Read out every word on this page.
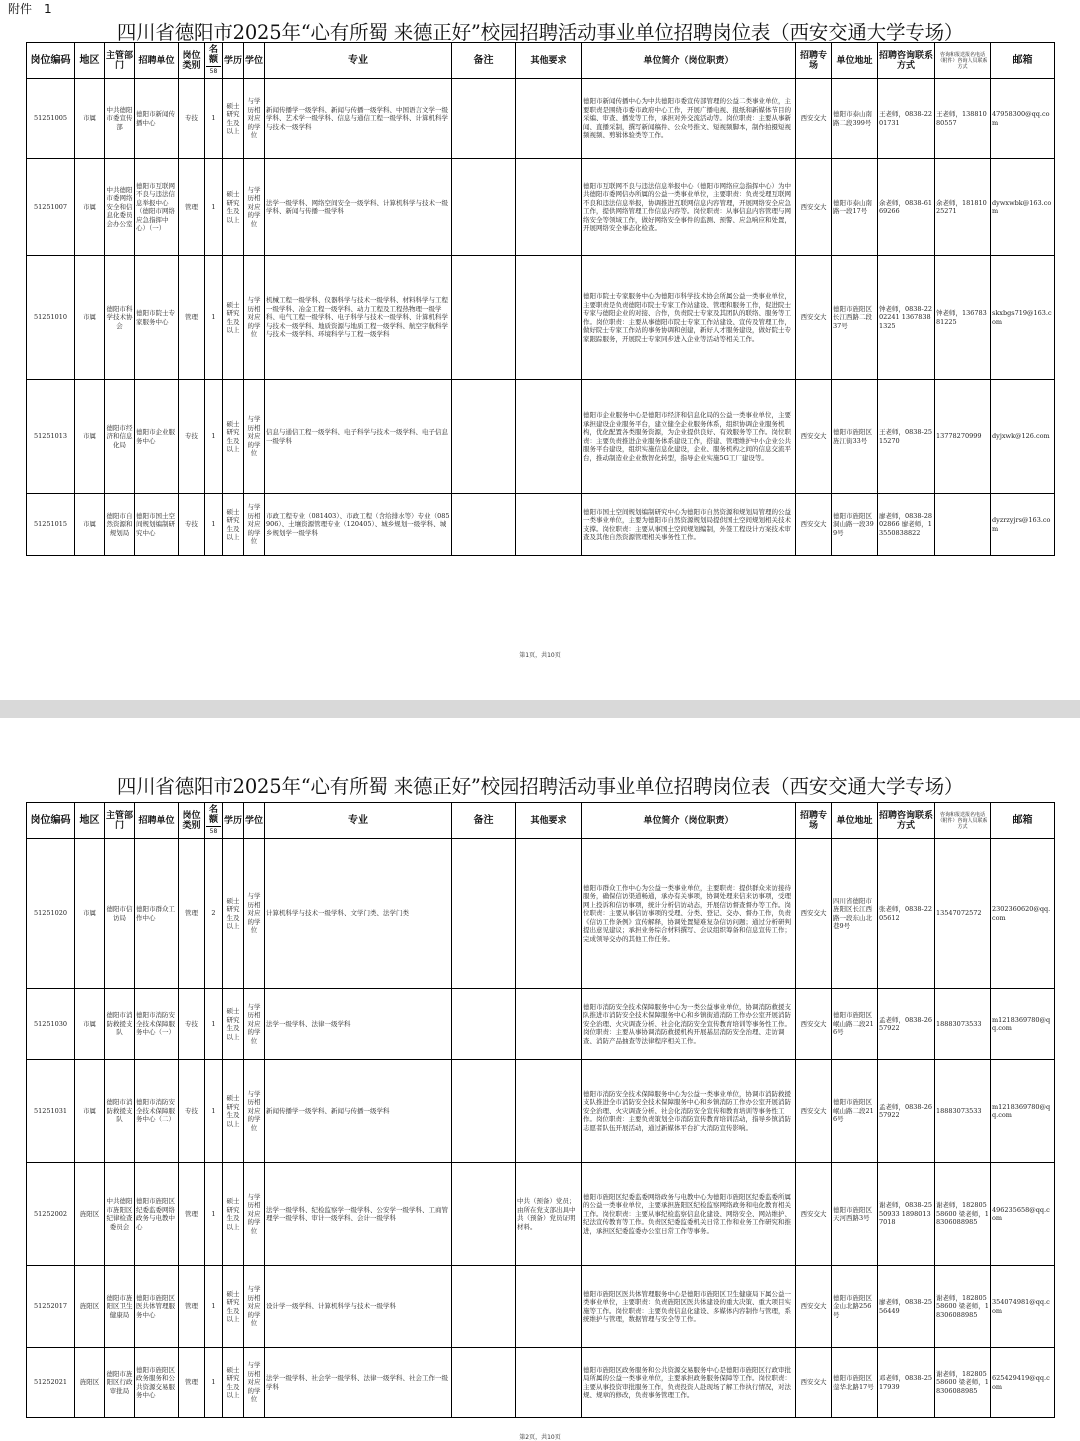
附件　1
四川省德阳市2025年“心有所蜀 来德正好”校园招聘活动事业单位招聘岗位表（西安交通大学专场）
岗位编码	地区	主管部门	招聘单位	岗位类别	名额
58	学历	学位	专业	备注	其他要求	单位简介（岗位职责）	招聘专场	单位地址	招聘咨询联系方式	咨询和报送报名电话（附件）咨询人员联系方式	邮箱
51251005	市属	中共德阳市委宣传部	德阳市新闻传播中心	专技	1	硕士研究生及以上	与学历相对应的学位	新闻传播学一级学科、新闻与传播一级学科、中国语言文学一级学科、艺术学一级学科、信息与通信工程一级学科、计算机科学与技术一级学科			德阳市新闻传播中心为中共德阳市委宣传部管理的公益二类事业单位，主要职责是围绕市委市政府中心工作，开展广播电视、报纸和新媒体节目的采编、审查、播发等工作，承担对外交流活动等。岗位职责：主要从事新闻、直播采制，撰写新闻稿件、公众号推文、短视频脚本，制作拍摄短视频视频、剪辑体验类等工作。	西安交大	德阳市泰山南路二段399号	王老师，0838-2201731	王老师，13881080557	47958300@qq.com
51251007	市属	中共德阳市委网络安全和信息化委员会办公室	德阳市互联网不良与违法信息举报中心（德阳市网络应急指挥中心）（一）	管理	1	硕士研究生及以上	与学历相对应的学位	法学一级学科、网络空间安全一级学科、计算机科学与技术一级学科、新闻与传播一级学科			德阳市互联网不良与违法信息举报中心（德阳市网络应急指挥中心）为中共德阳市委网信办所属的公益一类事业单位，主要职责：负责受理互联网不良和违法信息举报，协调推进互联网信息内容管理，开展网络安全应急工作，提供网络管理工作信息内容等。岗位职责：从事信息内容管理与网络安全等领域工作，做好网络安全事件的监测、预警、应急响应和处置，开展网络安全事态化检查。	西安交大	德阳市泰山南路一段17号	余老师，0838-6169266	余老师，18181025271	dywxwbk@163.com
51251010	市属	德阳市科学技术协会	德阳市院士专家服务中心	管理	1	硕士研究生及以上	与学历相对应的学位	机械工程一级学科、仪器科学与技术一级学科、材料科学与工程一级学科、冶金工程一级学科、动力工程及工程热物理一级学科、电气工程一级学科、电子科学与技术一级学科、计算机科学与技术一级学科、地质资源与地质工程一级学科、航空宇航科学与技术一级学科、环境科学与工程一级学科			德阳市院士专家服务中心为德阳市科学技术协会所属公益一类事业单位，主要职责是负责德阳市院士专家工作站建设、管理和服务工作，促进院士专家与德阳企业的对接、合作，负责院士专家及其团队的联络、服务等工作。岗位职责：主要从事德阳市院士专家工作站建设、宣传及管理工作，做好院士专家工作站的事务协调和创建，新好人才服务建设，做好院士专家跟踪服务，开展院士专家同步进入企业等活动等相关工作。	西安交大	德阳市旌阳区长江西路二段37号	钟老师，0838-2202241 13678381325	钟老师，13678381225	skxbgs719@163.com
51251013	市属	德阳市经济和信息化局	德阳市企业服务中心	专技	1	硕士研究生及以上	与学历相对应的学位	信息与通信工程一级学科、电子科学与技术一级学科、电子信息一级学科			德阳市企业服务中心是德阳市经济和信息化局的公益一类事业单位，主要承担建设企业服务平台，建立健全企业服务体系，组织协调企业服务机构，优化配置各类服务资源，为企业提供良好、有效服务等工作。岗位职责：主要负责推进企业服务体系建设工作，搭建、管理维护中小企业公共服务平台建设，组织实施信息化建设，企业、服务机构之间的信息交流平台，推动制造业企业数智化转型，指导企业实施5G工厂建设等。	西安交大	德阳市旌阳区旌江街33号	王老师，0838-2515270	13778270999	dyjxwk@126.com
51251015	市属	德阳市自然资源和规划局	德阳市国土空间规划编制研究中心	专技	1	硕士研究生及以上	与学历相对应的学位	市政工程专业（081403）、市政工程（含给排水等）专业（085906）、土壤资源管理专业（120405）、城乡规划一级学科、城乡规划学一级学科			德阳市国土空间规划编制研究中心为德阳市自然资源和规划局管理的公益一类事业单位，主要为德阳市自然资源规划局提供国土空间规划相关技术支撑。岗位职责：主要从事国土空间规划编制，外签工程设计方案技术审查及其他自然资源管理相关事务性工作。	西安交大	德阳市旌阳区洞山路一段399号	廖老师，0838-2802866 廖老师，13550838822		dyzrzyjrs@163.com
第1页，共10页
四川省德阳市2025年“心有所蜀 来德正好”校园招聘活动事业单位招聘岗位表（西安交通大学专场）
岗位编码	地区	主管部门	招聘单位	岗位类别	名额
58	学历	学位	专业	备注	其他要求	单位简介（岗位职责）	招聘专场	单位地址	招聘咨询联系方式	咨询和报送报名电话（附件）咨询人员联系方式	邮箱
51251020	市属	德阳市信访局	德阳市群众工作中心	管理	2	硕士研究生及以上	与学历相对应的学位	计算机科学与技术一级学科、文学门类、法学门类			德阳市群众工作中心为公益一类事业单位，主要职责：提供群众来访接待服务，确保信访渠道畅通，承办有关事项，协调处理来信来访事项，受理网上投诉和信访事项，统计分析信访动态，开展信访督查督办等工作。岗位职责：主要从事信访事项的受理、分类、登记、交办、督办工作，负责《信访工作条例》宣传解释，协调处置疑难复杂信访问题；通过分析研判提出意见建议；承担业务综合材料撰写、会议组织筹备和信息宣传工作；完成领导交办的其他工作任务。	西安交大	四川省德阳市旌阳区长江西路一段东山北巷9号	张老师，0838-2205612	13547072572	2302360620@qq.com
51251030	市属	德阳市消防救援支队	德阳市消防安全技术保障服务中心（一）	专技	1	硕士研究生及以上	与学历相对应的学位	法学一级学科、法律一级学科			德阳市消防安全技术保障服务中心为一类公益事业单位，协调消防救援支队推进市消防安全技术保障服务中心和乡镇街道消防工作办公室开展消防安全治理、火灾调查分析、社会化消防安全宣传教育培训等事务性工作。岗位职责：主要从事协调消防救援机构开展基层消防安全治理、走访调查、消防产品抽查等法律程序相关工作。	西安交大	德阳市旌阳区岷山路二段216号	孟老师，0838-2657922	18883073533	m1218369780@qq.com
51251031	市属	德阳市消防救援支队	德阳市消防安全技术保障服务中心（二）	专技	1	硕士研究生及以上	与学历相对应的学位	新闻传播学一级学科、新闻与传播一级学科			德阳市消防安全技术保障服务中心为公益一类事业单位，协调市消防救援支队推进全市消防安全技术保障服务中心和乡镇消防工作办公室开展消防安全治理、火灾调查分析、社会化消防安全宣传和教育培训等事务性工作。岗位职责：主要负责策划全市消防宣传教育培训活动，指导乡镇消防志愿者队伍开展活动，通过新媒体平台扩大消防宣传影响。	西安交大	德阳市旌阳区岷山路二段216号	孟老师，0838-2657922	18883073533	m1218369780@qq.com
51252002	旌阳区	中共德阳市旌阳区纪律检查委员会	德阳市旌阳区纪委监委网络政务与电教中心	管理	1	硕士研究生及以上	与学历相对应的学位	法学一级学科、纪检监察学一级学科、公安学一级学科、工商管理学一级学科、审计一级学科、会计一级学科		中共（预备）党员；由所在党支部出具中共（预备）党员证明材料。	德阳市旌阳区纪委监委网络政务与电教中心为德阳市旌阳区纪委监委所属的公益一类事业单位，主要承担旌阳区纪检监察网络政务和电化教育相关工作。岗位职责：主要从事纪检监察信息化建设、网络安全、网站维护、纪法宣传教育等工作。负责区纪委监委机关日常工作和业务工作研究和推进，承担区纪委监委办公室日常工作等事务。	西安交大	德阳市旌阳区天河西路3号	谢老师，0838-2550933 18980137018	谢老师，18280558600 梁老师，18306088985	496235658@qq.com
51252017	旌阳区	德阳市旌阳区卫生健康局	德阳市旌阳区医共体管理服务中心	管理	1	硕士研究生及以上	与学历相对应的学位	设计学一级学科、计算机科学与技术一级学科			德阳市旌阳区医共体管理服务中心是德阳市旌阳区卫生健康局下属公益一类事业单位，主要职责：负责旌阳区医共体建设的重大决策、重大项目实施等工作。岗位职责：主要负责信息化建设、多媒体内容制作与管理，系统维护与管理，数据管理与安全等工作。	西安交大	德阳市旌阳区金山北路256号	廖老师，0838-2556449	谢老师，18280558600 梁老师，18306088985	354074981@qq.com
51252021	旌阳区	德阳市旌阳区行政审批局	德阳市旌阳区政务服务和公共资源交易服务中心	管理	1	硕士研究生及以上	与学历相对应的学位	法学一级学科、社会学一级学科、法律一级学科、社会工作一级学科			德阳市旌阳区政务服务和公共资源交易服务中心是德阳市旌阳区行政审批局所属的公益一类事业单位，主要承担政务服务保障等工作。岗位职责：主要从事投资审批服务工作，负责投资人赴现场了解工作执行情况，对法规、规章的修改，负责事务管理工作。	西安交大	德阳市旌阳区蓥华北路17号	邓老师，0838-2517939	谢老师，18280558600 梁老师，18306088985	625429419@qq.com
第2页，共10页
